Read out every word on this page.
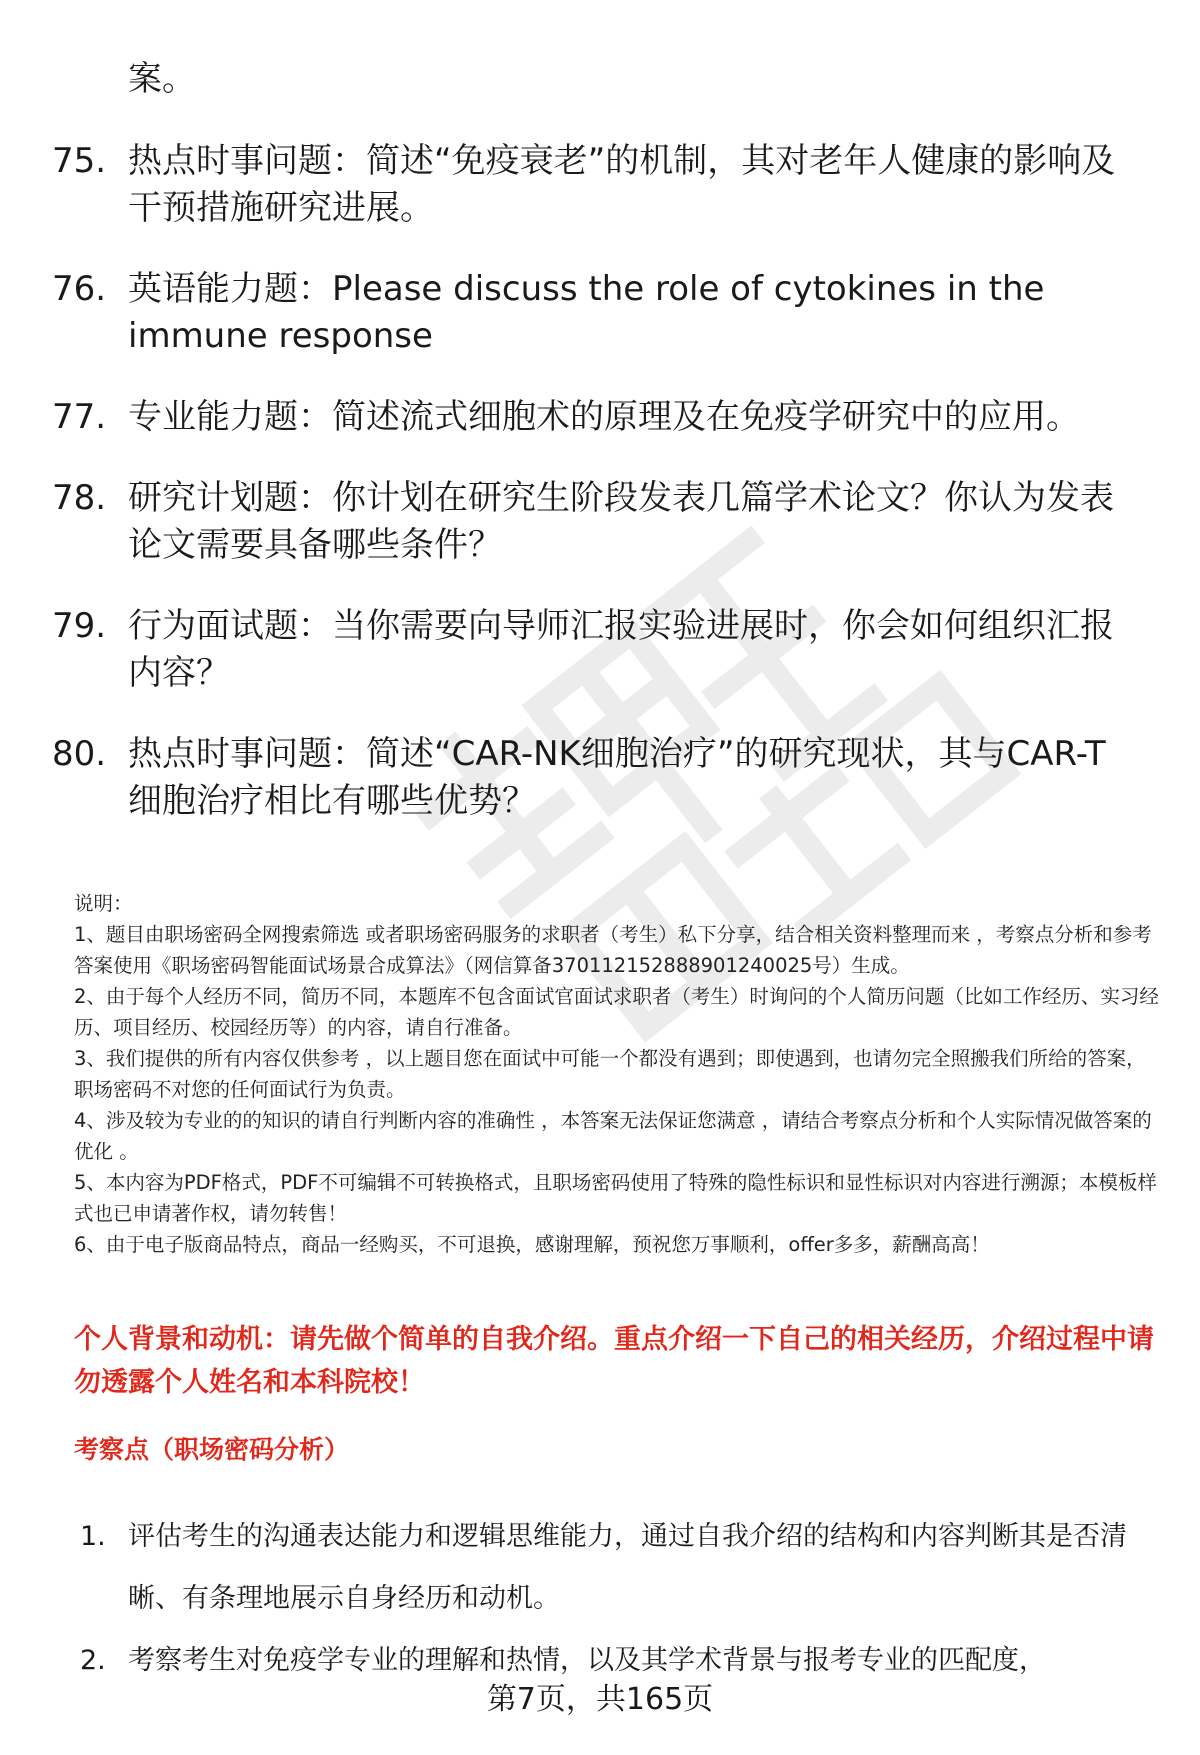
案。
75. 热点时事问题：简述“免疫衰老”的机制，其对老年人健康的影响及干预措施研究进展。
76. 英语能力题：Please discuss the role of cytokines in the immune response
77. 专业能力题：简述流式细胞术的原理及在免疫学研究中的应用。
78. 研究计划题：你计划在研究生阶段发表几篇学术论文？你认为发表论文需要具备哪些条件？
79. 行为面试题：当你需要向导师汇报实验进展时，你会如何组织汇报内容？
80. 热点时事问题：简述“CAR-NK细胞治疗”的研究现状，其与CAR-T细胞治疗相比有哪些优势？

说明：

1、题目由职场密码全网搜索筛选 或者职场密码服务的求职者（考生）私下分享，结合相关资料整理而来 ，考察点分析和参考答案使用《职场密码智能面试场景合成算法》（网信算备370112152888901240025号）生成。

2、由于每个人经历不同，简历不同，本题库不包含面试官面试求职者（考生）时询问的个人简历问题（比如工作经历、实习经历、项目经历、校园经历等）的内容，请自行准备。

3、我们提供的所有内容仅供参考 ，以上题目您在面试中可能一个都没有遇到；即使遇到，也请勿完全照搬我们所给的答案，职场密码不对您的任何面试行为负责。

4、涉及较为专业的的知识的请自行判断内容的准确性 ，本答案无法保证您满意 ，请结合考察点分析和个人实际情况做答案的优化 。

5、本内容为PDF格式，PDF不可编辑不可转换格式，且职场密码使用了特殊的隐性标识和显性标识对内容进行溯源；本模板样式也已申请著作权，请勿转售！

6、由于电子版商品特点，商品一经购买，不可退换，感谢理解，预祝您万事顺利，offer多多，薪酬高高！

个人背景和动机：请先做个简单的自我介绍。重点介绍一下自己的相关经历，介绍过程中请勿透露个人姓名和本科院校！
考察点（职场密码分析）
1. 评估考生的沟通表达能力和逻辑思维能力，通过自我介绍的结构和内容判断其是否清晰、有条理地展示自身经历和动机。
2. 考察考生对免疫学专业的理解和热情，以及其学术背景与报考专业的匹配度，
第7页，共165页
